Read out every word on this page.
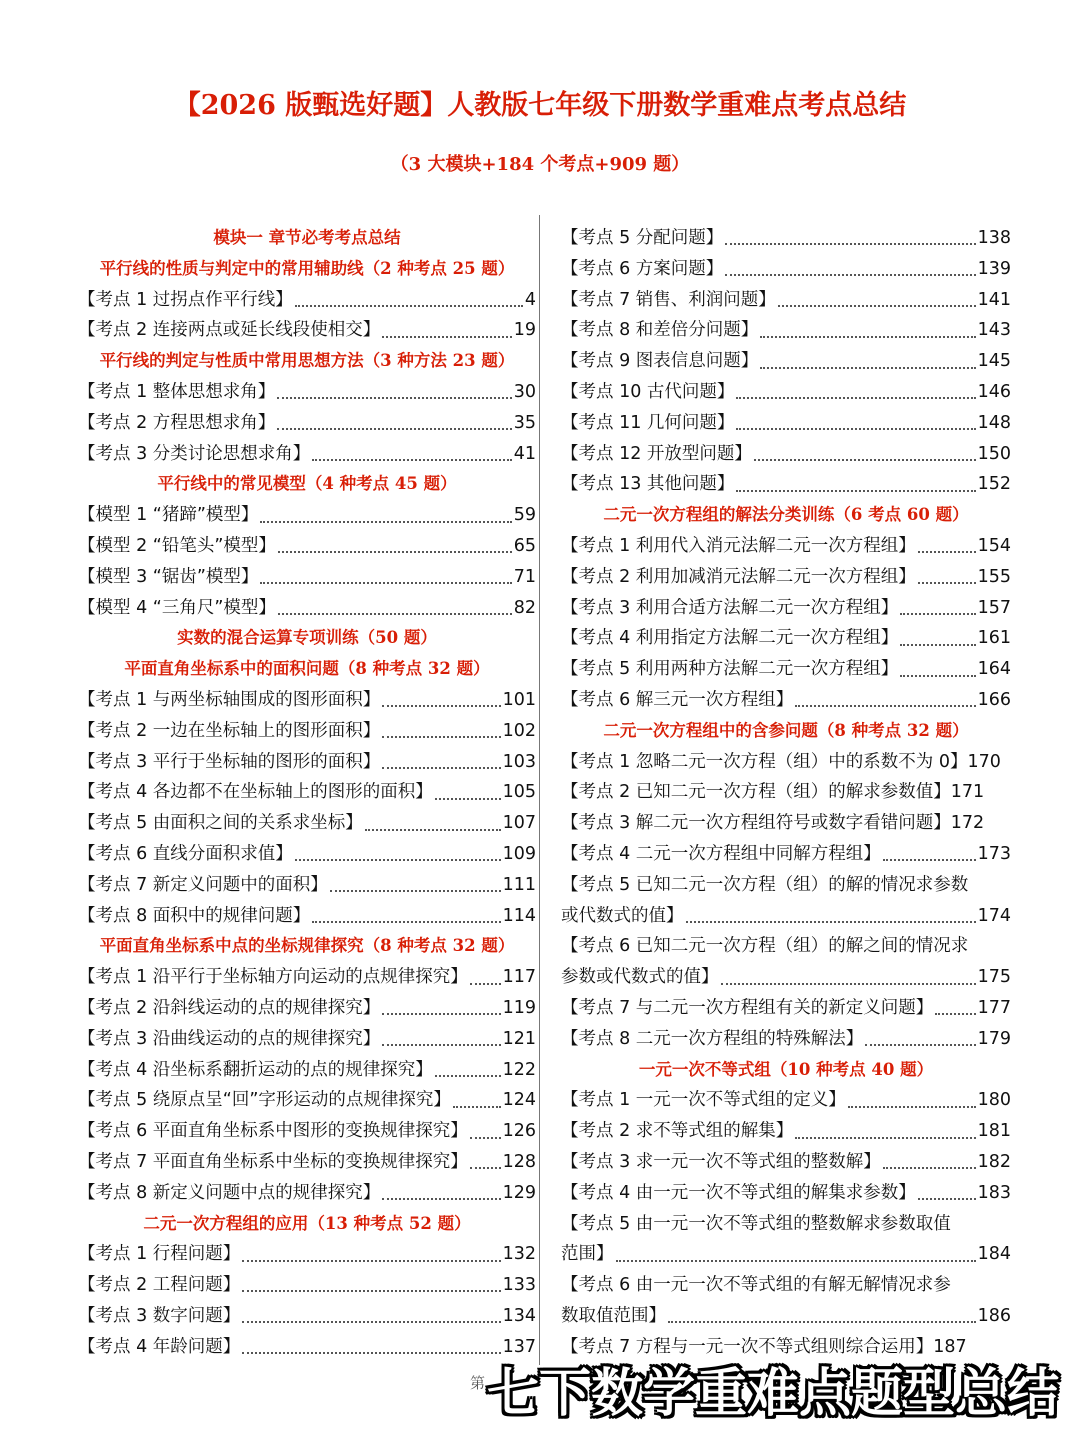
【2026 版甄选好题】人教版七年级下册数学重难点考点总结
（3 大模块+184 个考点+909 题）
模块一 章节必考考点总结
平行线的性质与判定中的常用辅助线（2 种考点 25 题）
【考点 1 过拐点作平行线】	4
【考点 2 连接两点或延长线段使相交】	19
平行线的判定与性质中常用思想方法（3 种方法 23 题）
【考点 1 整体思想求角】	30
【考点 2 方程思想求角】	35
【考点 3 分类讨论思想求角】	41
平行线中的常见模型（4 种考点 45 题）
【模型 1 “猪蹄”模型】	59
【模型 2 “铅笔头”模型】	65
【模型 3 “锯齿”模型】	71
【模型 4 “三角尺”模型】	82
实数的混合运算专项训练（50 题）
平面直角坐标系中的面积问题（8 种考点 32 题）
【考点 1 与两坐标轴围成的图形面积】	101
【考点 2 一边在坐标轴上的图形面积】	102
【考点 3 平行于坐标轴的图形的面积】	103
【考点 4 各边都不在坐标轴上的图形的面积】	105
【考点 5 由面积之间的关系求坐标】	107
【考点 6 直线分面积求值】	109
【考点 7 新定义问题中的面积】	111
【考点 8 面积中的规律问题】	114
平面直角坐标系中点的坐标规律探究（8 种考点 32 题）
【考点 1 沿平行于坐标轴方向运动的点规律探究】 117
【考点 2 沿斜线运动的点的规律探究】	119
【考点 3 沿曲线运动的点的规律探究】	121
【考点 4 沿坐标系翻折运动的点的规律探究】	122
【考点 5 绕原点呈“回”字形运动的点规律探究】	124
【考点 6 平面直角坐标系中图形的变换规律探究】 126
【考点 7 平面直角坐标系中坐标的变换规律探究】 128
【考点 8 新定义问题中点的规律探究】	129
二元一次方程组的应用（13 种考点 52 题）
【考点 1 行程问题】	132
【考点 2 工程问题】	133
【考点 3 数字问题】	134
【考点 4 年龄问题】	137
【考点 5 分配问题】	138
【考点 6 方案问题】	139
【考点 7 销售、利润问题】	141
【考点 8 和差倍分问题】	143
【考点 9 图表信息问题】	145
【考点 10 古代问题】	146
【考点 11 几何问题】	148
【考点 12 开放型问题】	150
【考点 13 其他问题】	152
二元一次方程组的解法分类训练（6 考点 60 题）
【考点 1 利用代入消元法解二元一次方程组】	154
【考点 2 利用加减消元法解二元一次方程组】	155
【考点 3 利用合适方法解二元一次方程组】	157
【考点 4 利用指定方法解二元一次方程组】	161
【考点 5 利用两种方法解二元一次方程组】	164
【考点 6 解三元一次方程组】	166
二元一次方程组中的含参问题（8 种考点 32 题）
【考点 1 忽略二元一次方程（组）中的系数不为 0】170
【考点 2 已知二元一次方程（组）的解求参数值】171
【考点 3 解二元一次方程组符号或数字看错问题】172
【考点 4 二元一次方程组中同解方程组】	173
【考点 5 已知二元一次方程（组）的解的情况求参数
或代数式的值】	174
【考点 6 已知二元一次方程（组）的解之间的情况求
参数或代数式的值】	175
【考点 7 与二元一次方程组有关的新定义问题】	177
【考点 8 二元一次方程组的特殊解法】	179
一元一次不等式组（10 种考点 40 题）
【考点 1 一元一次不等式组的定义】	180
【考点 2 求不等式组的解集】	181
【考点 3 求一元一次不等式组的整数解】	182
【考点 4 由一元一次不等式组的解集求参数】	183
【考点 5 由一元一次不等式组的整数解求参数取值
范围】	184
【考点 6 由一元一次不等式组的有解无解情况求参
数取值范围】	186
【考点 7 方程与一元一次不等式组则综合运用】187
第 七下数学重难点题型总结
